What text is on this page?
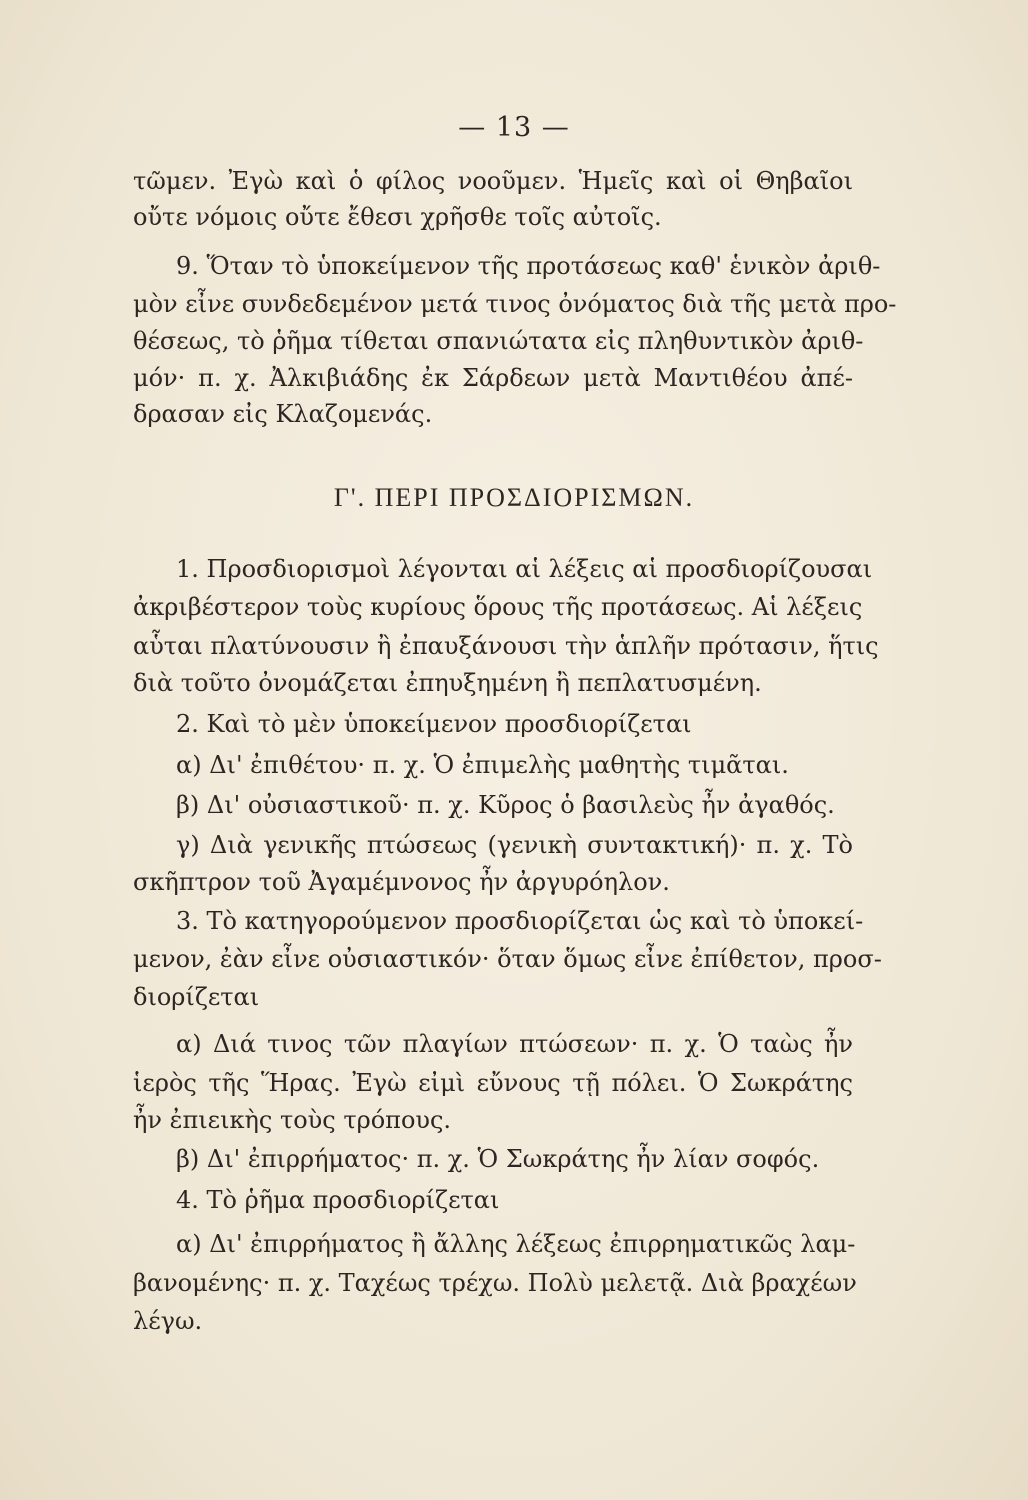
— 13 —
τῶμεν. Ἐγὼ καὶ ὁ φίλος νοοῦμεν. Ἡμεῖς καὶ οἱ Θηβαῖοι
οὔτε νόμοις οὔτε ἔθεσι χρῆσθε τοῖς αὐτοῖς.
9. Ὅταν τὸ ὑποκείμενον τῆς προτάσεως καθ' ἑνικὸν ἀριθ-
μὸν εἶνε συνδεδεμένον μετά τινος ὀνόματος διὰ τῆς μετὰ προ-
θέσεως, τὸ ῥῆμα τίθεται σπανιώτατα εἰς πληθυντικὸν ἀριθ-
μόν· π. χ. Ἀλκιβιάδης ἐκ Σάρδεων μετὰ Μαντιθέου ἀπέ-
δρασαν εἰς Κλαζομενάς.
Γ'. ΠΕΡΙ ΠΡΟΣΔΙΟΡΙΣΜΩΝ.
1. Προσδιορισμοὶ λέγονται αἱ λέξεις αἱ προσδιορίζουσαι
ἀκριβέστερον τοὺς κυρίους ὅρους τῆς προτάσεως. Αἱ λέξεις
αὗται πλατύνουσιν ἢ ἐπαυξάνουσι τὴν ἁπλῆν πρότασιν, ἥτις
διὰ τοῦτο ὀνομάζεται ἐπηυξημένη ἢ πεπλατυσμένη.
2. Καὶ τὸ μὲν ὑποκείμενον προσδιορίζεται
α) Δι' ἐπιθέτου· π. χ. Ὁ ἐπιμελὴς μαθητὴς τιμᾶται.
β) Δι' οὐσιαστικοῦ· π. χ. Κῦρος ὁ βασιλεὺς ἦν ἀγαθός.
γ) Διὰ γενικῆς πτώσεως (γενικὴ συντακτική)· π. χ. Τὸ
σκῆπτρον τοῦ Ἀγαμέμνονος ἦν ἀργυρόηλον.
3. Τὸ κατηγορούμενον προσδιορίζεται ὡς καὶ τὸ ὑποκεί-
μενον, ἐὰν εἶνε οὐσιαστικόν· ὅταν ὅμως εἶνε ἐπίθετον, προσ-
διορίζεται
α) Διά τινος τῶν πλαγίων πτώσεων· π. χ. Ὁ ταὼς ἦν
ἱερὸς τῆς Ἥρας. Ἐγὼ εἰμὶ εὔνους τῇ πόλει. Ὁ Σωκράτης
ἦν ἐπιεικὴς τοὺς τρόπους.
β) Δι' ἐπιρρήματος· π. χ. Ὁ Σωκράτης ἦν λίαν σοφός.
4. Τὸ ῥῆμα προσδιορίζεται
α) Δι' ἐπιρρήματος ἢ ἄλλης λέξεως ἐπιρρηματικῶς λαμ-
βανομένης· π. χ. Ταχέως τρέχω. Πολὺ μελετᾷ. Διὰ βραχέων
λέγω.
